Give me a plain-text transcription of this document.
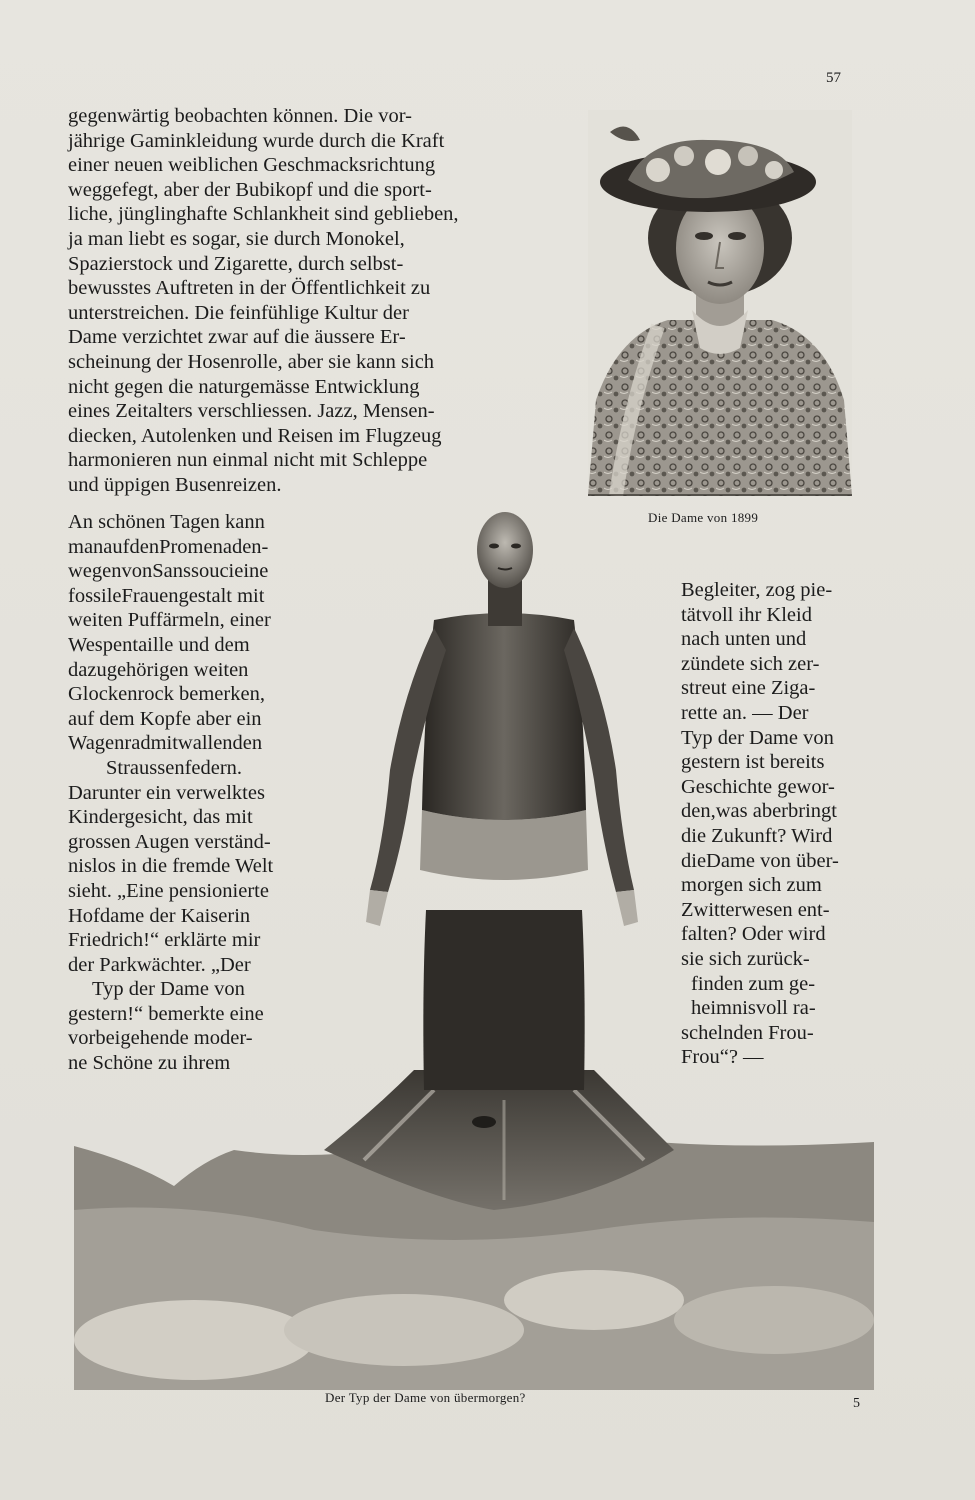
57
Die Dame von 1899
Der Typ der Dame von übermorgen?

gegenwärtig beobachten können. Die vor-

jährige Gaminkleidung wurde durch die Kraft

einer neuen weiblichen Geschmacksrichtung

weggefegt, aber der Bubikopf und die sport-

liche, jünglinghafte Schlankheit sind geblieben,

ja man liebt es sogar, sie durch Monokel,

Spazierstock und Zigarette, durch selbst-

bewusstes Auftreten in der Öffentlichkeit zu

unterstreichen. Die feinfühlige Kultur der

Dame verzichtet zwar auf die äussere Er-

scheinung der Hosenrolle, aber sie kann sich

nicht gegen die naturgemässe Entwicklung

eines Zeitalters verschliessen. Jazz, Mensen-

diecken, Autolenken und Reisen im Flugzeug

harmonieren nun einmal nicht mit Schleppe

und üppigen Busenreizen.

An schönen Tagen kann

manaufdenPromenaden-

wegenvonSanssoucieine

fossileFrauengestalt mit

weiten Puffärmeln, einer

Wespentaille und dem

dazugehörigen weiten

Glockenrock bemerken,

auf dem Kopfe aber ein

Wagenradmitwallenden

Straussenfedern.

Darunter ein verwelktes

Kindergesicht, das mit

grossen Augen verständ-

nislos in die fremde Welt

sieht. „Eine pensionierte

Hofdame der Kaiserin

Friedrich!“ erklärte mir

der Parkwächter. „Der

Typ der Dame von

gestern!“ bemerkte eine

vorbeigehende moder-

ne Schöne zu ihrem

Begleiter, zog pie-

tätvoll ihr Kleid

nach unten und

zündete sich zer-

streut eine Ziga-

rette an. — Der

Typ der Dame von

gestern ist bereits

Geschichte gewor-

den,was aberbringt

die Zukunft? Wird

dieDame von über-

morgen sich zum

Zwitterwesen ent-

falten? Oder wird

sie sich zurück-

finden zum ge-

heimnisvoll ra-

schelnden Frou-

Frou“? —

5
